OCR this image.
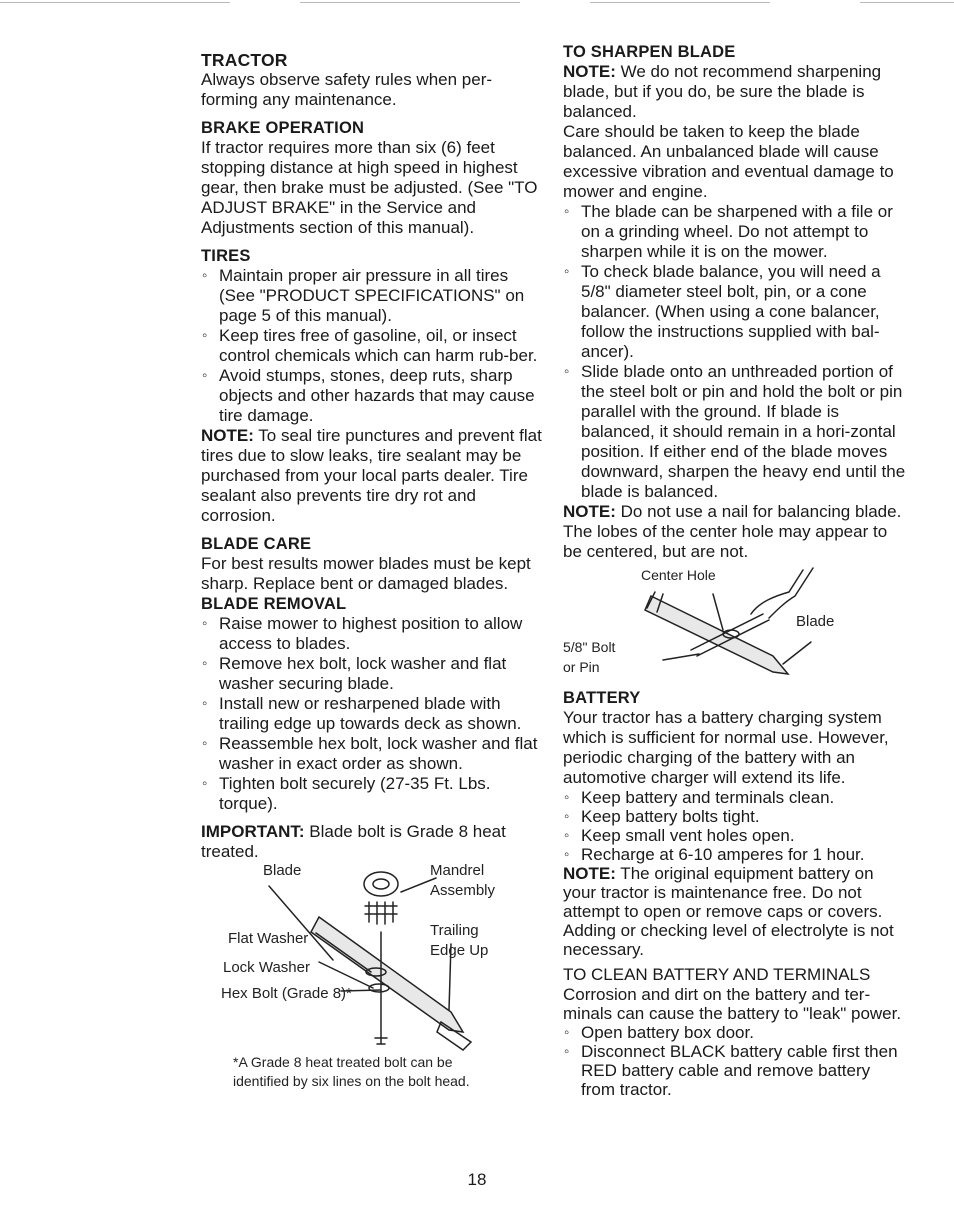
TRACTOR

Always observe safety rules when per-forming any maintenance.

BRAKE OPERATION

If tractor requires more than six (6) feet stopping distance at high speed in highest gear, then brake must be adjusted. (See "TO ADJUST BRAKE" in the Service and Adjustments section of this manual).

TIRES
◦ Maintain proper air pressure in all tires (See "PRODUCT SPECIFICATIONS" on page 5 of this manual).
◦ Keep tires free of gasoline, oil, or insect control chemicals which can harm rub-ber.
◦ Avoid stumps, stones, deep ruts, sharp objects and other hazards that may cause tire damage.

NOTE: To seal tire punctures and prevent flat tires due to slow leaks, tire sealant may be purchased from your local parts dealer. Tire sealant also prevents tire dry rot and corrosion.

BLADE CARE

For best results mower blades must be kept sharp. Replace bent or damaged blades.

BLADE REMOVAL
◦ Raise mower to highest position to allow access to blades.
◦ Remove hex bolt, lock washer and flat washer securing blade.
◦ Install new or resharpened blade with trailing edge up towards deck as shown.
◦ Reassemble hex bolt, lock washer and flat washer in exact order as shown.
◦ Tighten bolt securely (27-35 Ft. Lbs. torque).

IMPORTANT: Blade bolt is Grade 8 heat treated.

Blade	Mandrel
Assembly
Trailing
Edge Up
Flat Washer
Lock Washer
Hex Bolt (Grade 8)*
*A Grade 8 heat treated bolt can be
identified by six lines on the bolt head.
TO SHARPEN BLADE

NOTE: We do not recommend sharpening blade, but if you do, be sure the blade is balanced.

Care should be taken to keep the blade balanced. An unbalanced blade will cause excessive vibration and eventual damage to mower and engine.

◦ The blade can be sharpened with a file or on a grinding wheel. Do not attempt to sharpen while it is on the mower.
◦ To check blade balance, you will need a 5/8" diameter steel bolt, pin, or a cone balancer. (When using a cone balancer, follow the instructions supplied with bal-ancer).
◦ Slide blade onto an unthreaded portion of the steel bolt or pin and hold the bolt or pin parallel with the ground. If blade is balanced, it should remain in a hori-zontal position. If either end of the blade moves downward, sharpen the heavy end until the blade is balanced.

NOTE: Do not use a nail for balancing blade. The lobes of the center hole may appear to be centered, but are not.

Center Hole
Blade
5/8" Bolt
or Pin
BATTERY

Your tractor has a battery charging system which is sufficient for normal use. However, periodic charging of the battery with an automotive charger will extend its life.

◦ Keep battery and terminals clean.
◦ Keep battery bolts tight.
◦ Keep small vent holes open.
◦ Recharge at 6-10 amperes for 1 hour.

NOTE: The original equipment battery on your tractor is maintenance free. Do not attempt to open or remove caps or covers. Adding or checking level of electrolyte is not necessary.

TO CLEAN BATTERY AND TERMINALS

Corrosion and dirt on the battery and ter-minals can cause the battery to "leak" power.

◦ Open battery box door.
◦ Disconnect BLACK battery cable first then RED battery cable and remove battery from tractor.
18
